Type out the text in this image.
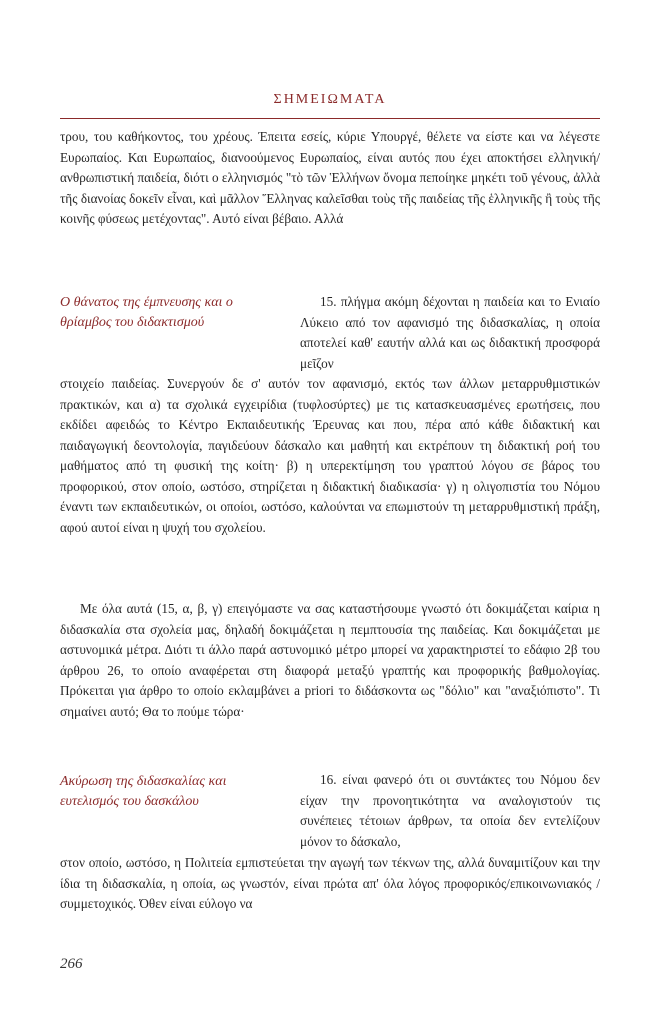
ΣΗΜΕΙΩΜΑΤΑ
τρου, του καθήκοντος, του χρέους. Έπειτα εσείς, κύριε Υπουργέ, θέλετε να είστε και να λέγεστε Ευρωπαίος. Και Ευρωπαίος, διανοούμενος Ευρωπαίος, είναι αυτός που έχει αποκτήσει ελληνική/ανθρωπιστική παιδεία, διότι ο ελληνισμός "τὸ τῶν Ἑλλήνων ὄνομα πεποίηκε μηκέτι τοῦ γένους, ἀλλὰ τῆς διανοίας δοκεῖν εἶναι, καὶ μᾶλλον Ἕλληνας καλεῖσθαι τοὺς τῆς παιδείας τῆς ἑλληνικῆς ἢ τοὺς τῆς κοινῆς φύσεως μετέχοντας". Αυτό είναι βέβαιο. Αλλά
Ο θάνατος της έμπνευσης και ο θρίαμβος του διδακτισμού
15. πλήγμα ακόμη δέχονται η παιδεία και το Ενιαίο Λύκειο από τον αφανισμό της διδασκαλίας, η οποία αποτελεί καθ' εαυτήν αλλά και ως διδακτική προσφορά μεῖζον
στοιχείο παιδείας. Συνεργούν δε σ' αυτόν τον αφανισμό, εκτός των άλλων μεταρρυθμιστικών πρακτικών, και α) τα σχολικά εγχειρίδια (τυφλοσύρτες) με τις κατασκευασμένες ερωτήσεις, που εκδίδει αφειδώς το Κέντρο Εκπαιδευτικής Έρευνας και που, πέρα από κάθε διδακτική και παιδαγωγική δεοντολογία, παγιδεύουν δάσκαλο και μαθητή και εκτρέπουν τη διδακτική ροή του μαθήματος από τη φυσική της κοίτη· β) η υπερεκτίμηση του γραπτού λόγου σε βάρος του προφορικού, στον οποίο, ωστόσο, στηρίζεται η διδακτική διαδικασία· γ) η ολιγοπιστία του Νόμου έναντι των εκπαιδευτικών, οι οποίοι, ωστόσο, καλούνται να επωμιστούν τη μεταρρυθμιστική πράξη, αφού αυτοί είναι η ψυχή του σχολείου.
Με όλα αυτά (15, α, β, γ) επειγόμαστε να σας καταστήσουμε γνωστό ότι δοκιμάζεται καίρια η διδασκαλία στα σχολεία μας, δηλαδή δοκιμάζεται η πεμπτουσία της παιδείας. Και δοκιμάζεται με αστυνομικά μέτρα. Διότι τι άλλο παρά αστυνομικό μέτρο μπορεί να χαρακτηριστεί το εδάφιο 2β του άρθρου 26, το οποίο αναφέρεται στη διαφορά μεταξύ γραπτής και προφορικής βαθμολογίας. Πρόκειται για άρθρο το οποίο εκλαμβάνει a priori το διδάσκοντα ως "δόλιο" και "αναξιόπιστο". Τι σημαίνει αυτό; Θα το πούμε τώρα·
Ακύρωση της διδασκαλίας και ευτελισμός του δασκάλου
16. είναι φανερό ότι οι συντάκτες του Νόμου δεν είχαν την προνοητικότητα να αναλογιστούν τις συνέπειες τέτοιων άρθρων, τα οποία δεν εντελίζουν μόνον το δάσκαλο,
στον οποίο, ωστόσο, η Πολιτεία εμπιστεύεται την αγωγή των τέκνων της, αλλά δυναμιτίζουν και την ίδια τη διδασκαλία, η οποία, ως γνωστόν, είναι πρώτα απ' όλα λόγος προφορικός/επικοινωνιακός / συμμετοχικός. Όθεν είναι εύλογο να
266
